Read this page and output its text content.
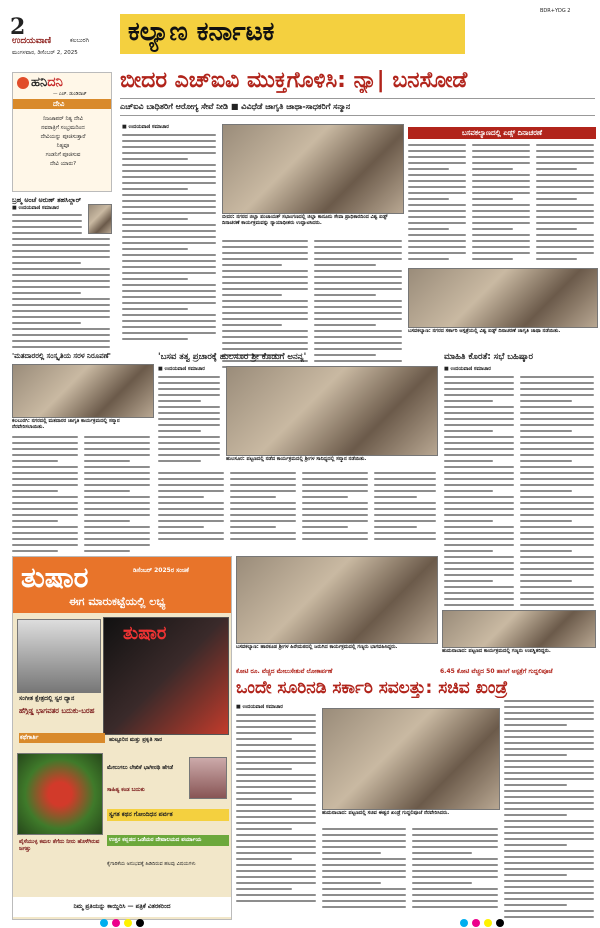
2
ಉದಯವಾಣಿ	ಕಲಬುರಗಿ
ಮಂಗಳವಾರ, ಡಿಸೆಂಬರ್ 2, 2025
ಕಲ್ಯಾಣ ಕರ್ನಾಟಕ
BDR+YDG 2
ಹನಿದನಿ
— ಎಚ್. ಡುಂಡಿರಾಜ್
ದೇವಿ
ನಿಜಜಾಪರ್ ನಿತ್ಯ ದೇವಿ
ನವರಾತ್ರಿಗೆ ಸಂಭ್ರಮದಿಂದ
ದೇವಿಯನ್ನು ಪೂಜಿಸುತ್ತಾರೆ
ನಿತ್ಯವೂ
ಗಂಡನಿಗೆ ಪೂಜಿಸುವ
ದೇವಿ ಯಾರು?
ಬೀದರ ಎಚ್‌ಐವಿ ಮುಕ್ತಗೊಳಿಸಿ: ನ್ಯಾ| ಬನಸೋಡೆ
ಎಚ್‌ಐವಿ ಬಾಧಿತರಿಗೆ ಆರೋಗ್ಯ ಸೇವೆ ನೀಡಿ ■ ವಿವಿಧೆಡೆ ಜಾಗೃತಿ ಜಾಥಾ-ಸಾಧಕರಿಗೆ ಸನ್ಮಾನ
■ ಉದಯವಾಣಿ ಸಮಾಚಾರ
ಬೀದರ: ನಗರದ ಜಿಲ್ಲಾ ಪಂಚಾಯತ್ ಸಭಾಂಗಣದಲ್ಲಿ ಜಿಲ್ಲಾ ಕಾನೂನು ಸೇವಾ ಪ್ರಾಧಿಕಾರದಿಂದ ವಿಶ್ವ ಏಡ್ಸ್ ದಿನಾಚರಣೆ ಕಾರ್ಯಕ್ರಮವನ್ನು ನ್ಯಾಯಾಧೀಶರು ಉದ್ಘಾಟಿಸಿದರು.
ಬಸವಕಲ್ಯಾಣದಲ್ಲಿ ಏಡ್ಸ್ ದಿನಾಚರಣೆ
ಬಸವಕಲ್ಯಾಣ: ನಗರದ ಸರ್ಕಾರಿ ಆಸ್ಪತ್ರೆಯಲ್ಲಿ ವಿಶ್ವ ಏಡ್ಸ್ ದಿನಾಚರಣೆ ಜಾಗೃತಿ ಜಾಥಾ ನಡೆಯಿತು.
ಬ್ರಹ್ಮ ಅಂಚೆ ಅರುಣ್ ತಹಸಿಲ್ದಾರ್
■ ಉದಯವಾಣಿ ಸಮಾಚಾರ
'ಮತದಾರರಲ್ಲಿ ಸಂಸ್ಕೃತಿಯ ಸರಳ ನಿರೂಪಣೆ'
ಕಲಬುರಗಿ: ನಗರದಲ್ಲಿ ಮತದಾರರ ಜಾಗೃತಿ ಕಾರ್ಯಕ್ರಮದಲ್ಲಿ ಸನ್ಮಾನ ನೆರವೇರಿಸಲಾಯಿತು.
'ಬಸವ ತತ್ವ ಪ್ರಚಾರಕ್ಕೆ ಹುಲಸೂರ ಶ್ರೀ ಕೊಡುಗೆ ಅನನ್ಯ'
■ ಉದಯವಾಣಿ ಸಮಾಚಾರ
ಹುಲಸೂರ: ಪಟ್ಟಣದಲ್ಲಿ ನಡೆದ ಕಾರ್ಯಕ್ರಮದಲ್ಲಿ ಶ್ರೀಗಳ ಸಾನಿಧ್ಯದಲ್ಲಿ ಸನ್ಮಾನ ನಡೆಯಿತು.
ಮಾಹಿತಿ ಕೊರತೆ: ಸಭೆ ಬಹಿಷ್ಕಾರ
■ ಉದಯವಾಣಿ ಸಮಾಚಾರ
ಬಸವಕಲ್ಯಾಣ: ಹಾರಕೂಡ ಶ್ರೀಗಳ ಹಿರೇಮಠದಲ್ಲಿ ಜರುಗಿದ ಕಾರ್ಯಕ್ರಮದಲ್ಲಿ ಗಣ್ಯರು ಭಾಗವಹಿಸಿದ್ದರು.
ಹುಮನಾಬಾದ: ಪಟ್ಟಣದ ಕಾರ್ಯಕ್ರಮದಲ್ಲಿ ಗಣ್ಯರು ಉಪಸ್ಥಿತರಿದ್ದರು.
ಕೋಟಿ ರೂ. ವೆಚ್ಚದ ಮೇಲುಸೇತುವೆ ಲೋಕಾರ್ಪಣೆ	6.45 ಕೋಟಿ ವೆಚ್ಚದ 50 ಹಾಸಿಗೆ ಆಸ್ಪತ್ರೆಗೆ ಗುದ್ದಲಿಪೂಜೆ
ಒಂದೇ ಸೂರಿನಡಿ ಸರ್ಕಾರಿ ಸವಲತ್ತು: ಸಚಿವ ಖಂಡ್ರೆ
■ ಉದಯವಾಣಿ ಸಮಾಚಾರ
ಹುಮನಾಬಾದ: ಪಟ್ಟಣದಲ್ಲಿ ಸಚಿವ ಈಶ್ವರ ಖಂಡ್ರೆ ಗುದ್ದಲಿಪೂಜೆ ನೆರವೇರಿಸಿದರು.
ತುಷಾರ	ಡಿಸೆಂಬರ್ 2025ರ ಸಂಚಿಕೆ
ಈಗ ಮಾರುಕಟ್ಟೆಯಲ್ಲಿ ಲಭ್ಯ
ತುಷಾರ
ಸಂಗೀತ ಕ್ಷೇತ್ರದಲ್ಲಿ ಸ್ವರ ಧ್ಯಾನ
ಹೆಗ್ಗಿಡ್ಡ ಭಾಗವತರ ಬದುಕು-ಬರಹ
ಕಥೆಗಾರ್ತಿ	ಹುಟ್ಟೂರಿನ ಮತ್ತು ಪ್ರಕೃತಿ ಸಾರ
ಮೇಲುಗಲು ಲೇಖಿಕೆ ಭಾಗೀರಥಿ ಹೆಗಡೆ
ಸಾಹಿತ್ಯ ಕಂಡ ಬದುಕು
ಸ್ವಗತ ಕಥನ ಗೋಂದಿಧನ ಪರ್ವತ
ಉತ್ತರ ಕನ್ನಡದ ಒಡೆಯರ ದೇವಾಲಯದ ಪರ್ಯಾಯ
ಪೈಸೆಯುಳ್ಳ ಕಮಲ ತೆಗೆದು ನೀರು ಹೊಳೆಗಿರುವ ಜಗತ್ತು
ಕೈಗಾರಿಕೆಯ ಅನುಭವಕ್ಕೆ ಹಿಡಿದಿರುವ ಹಲವು ವಿಷಯಗಳು
ನಿಮ್ಮ ಪ್ರತಿಯನ್ನು ಕಾಯ್ದಿರಿಸಿ — ಪತ್ರಿಕೆ ವಿತರಕರಿಂದ
